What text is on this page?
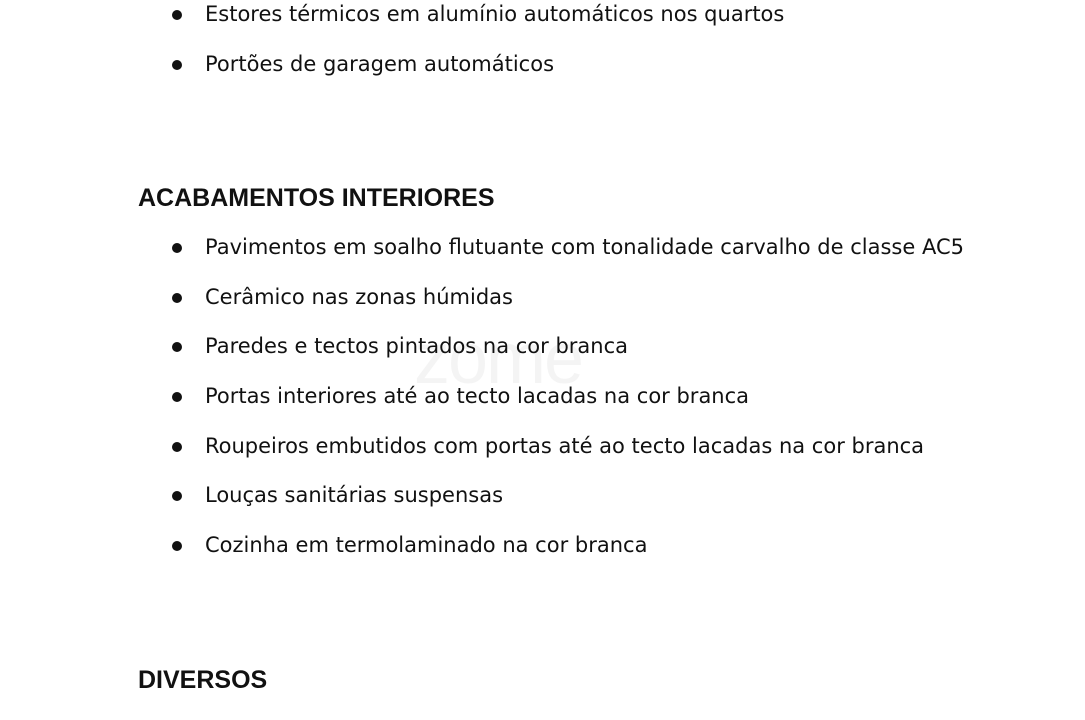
Estores térmicos em alumínio automáticos nos quartos
Portões de garagem automáticos
ACABAMENTOS INTERIORES
Pavimentos em soalho flutuante com tonalidade carvalho de classe AC5
Cerâmico nas zonas húmidas
Paredes e tectos pintados na cor branca
Portas interiores até ao tecto lacadas na cor branca
Roupeiros embutidos com portas até ao tecto lacadas na cor branca
Louças sanitárias suspensas
Cozinha em termolaminado na cor branca
DIVERSOS
